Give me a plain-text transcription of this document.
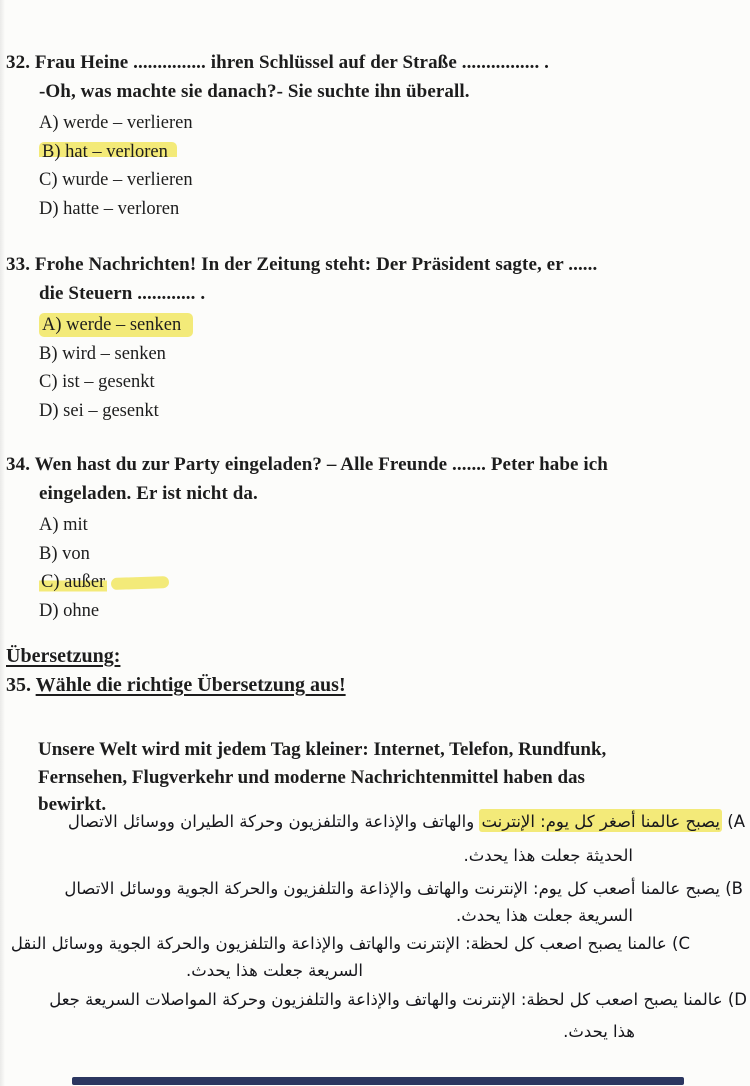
32. Frau Heine ............... ihren Schlüssel auf der Straße ................ .
-Oh, was machte sie danach?- Sie suchte ihn überall.
A) werde – verlieren
B) hat – verloren
C) wurde – verlieren
D) hatte – verloren
33. Frohe Nachrichten! In der Zeitung steht: Der Präsident sagte, er ......
die Steuern ............ .
A) werde – senken
B) wird – senken
C) ist – gesenkt
D) sei – gesenkt
34. Wen hast du zur Party eingeladen? – Alle Freunde ....... Peter habe ich
eingeladen. Er ist nicht da.
A) mit
B) von
C) außer
D) ohne
Übersetzung:
35. Wähle die richtige Übersetzung aus!
Unsere Welt wird mit jedem Tag kleiner: Internet, Telefon, Rundfunk,
Fernsehen, Flugverkehr und moderne Nachrichtenmittel haben das
bewirkt.
A) يصبح عالمنا أصغر كل يوم: الإنترنت والهاتف والإذاعة والتلفزيون وحركة الطيران ووسائل الاتصال
الحديثة جعلت هذا يحدث.
B) يصبح عالمنا أصعب كل يوم: الإنترنت والهاتف والإذاعة والتلفزيون والحركة الجوية ووسائل الاتصال
السريعة جعلت هذا يحدث.
C) عالمنا يصبح اصعب كل لحظة: الإنترنت والهاتف والإذاعة والتلفزيون والحركة الجوية ووسائل النقل
السريعة جعلت هذا يحدث.
D) عالمنا يصبح اصعب كل لحظة: الإنترنت والهاتف والإذاعة والتلفزيون وحركة المواصلات السريعة جعل
هذا يحدث.
